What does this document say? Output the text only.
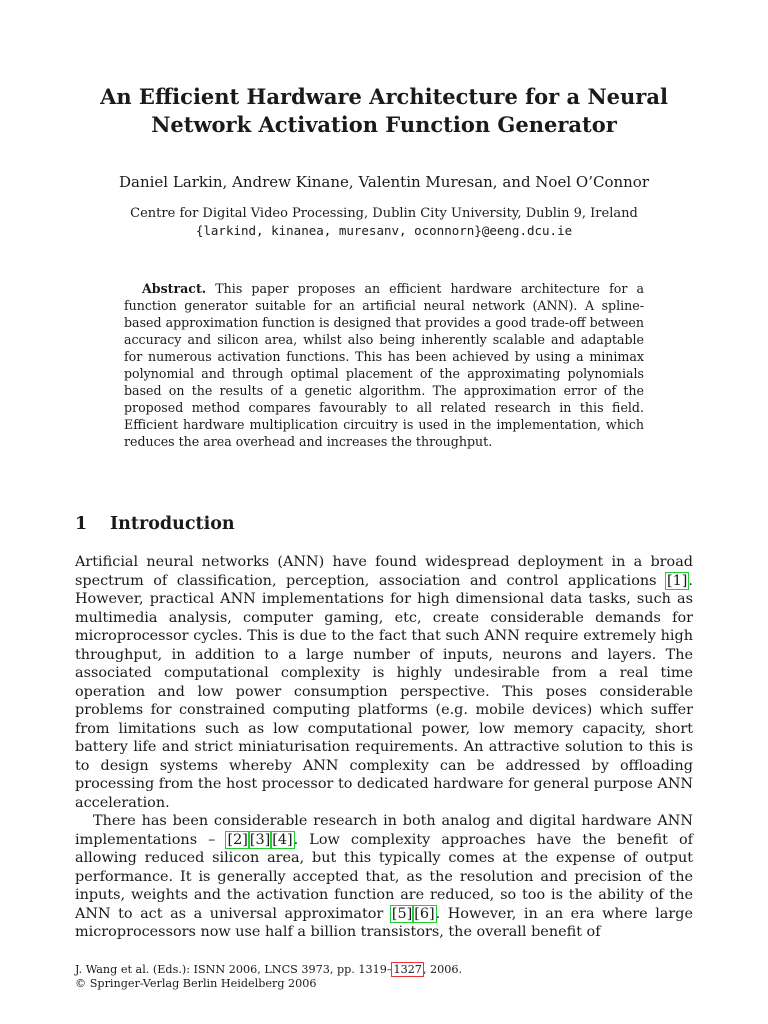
An Efficient Hardware Architecture for a Neural
Network Activation Function Generator
Daniel Larkin, Andrew Kinane, Valentin Muresan, and Noel O’Connor
Centre for Digital Video Processing, Dublin City University, Dublin 9, Ireland
{larkind, kinanea, muresanv, oconnorn}@eeng.dcu.ie

Abstract. This paper proposes an efficient hardware architecture for a function generator suitable for an artificial neural network (ANN). A spline-based approximation function is designed that provides a good trade-off between accuracy and silicon area, whilst also being inherently scalable and adaptable for numerous activation functions. This has been achieved by using a minimax polynomial and through optimal placement of the approximating polynomials based on the results of a genetic algorithm. The approximation error of the proposed method compares favourably to all related research in this field. Efficient hardware multiplication circuitry is used in the implementation, which reduces the area overhead and increases the throughput.

1 Introduction

Artificial neural networks (ANN) have found widespread deployment in a broad spectrum of classification, perception, association and control applications [1]. However, practical ANN implementations for high dimensional data tasks, such as multimedia analysis, computer gaming, etc, create considerable demands for microprocessor cycles. This is due to the fact that such ANN require extremely high throughput, in addition to a large number of inputs, neurons and layers. The associated computational complexity is highly undesirable from a real time operation and low power consumption perspective. This poses considerable problems for constrained computing platforms (e.g. mobile devices) which suffer from limitations such as low computational power, low memory capacity, short battery life and strict miniaturisation requirements. An attractive solution to this is to design systems whereby ANN complexity can be addressed by offloading processing from the host processor to dedicated hardware for general purpose ANN acceleration.

There has been considerable research in both analog and digital hardware ANN implementations – [2] [3] [4]. Low complexity approaches have the benefit of allowing reduced silicon area, but this typically comes at the expense of output performance. It is generally accepted that, as the resolution and precision of the inputs, weights and the activation function are reduced, so too is the ability of the ANN to act as a universal approximator [5] [6]. However, in an era where large microprocessors now use half a billion transistors, the overall benefit of

J. Wang et al. (Eds.): ISNN 2006, LNCS 3973, pp. 1319–1327, 2006.
© Springer-Verlag Berlin Heidelberg 2006
